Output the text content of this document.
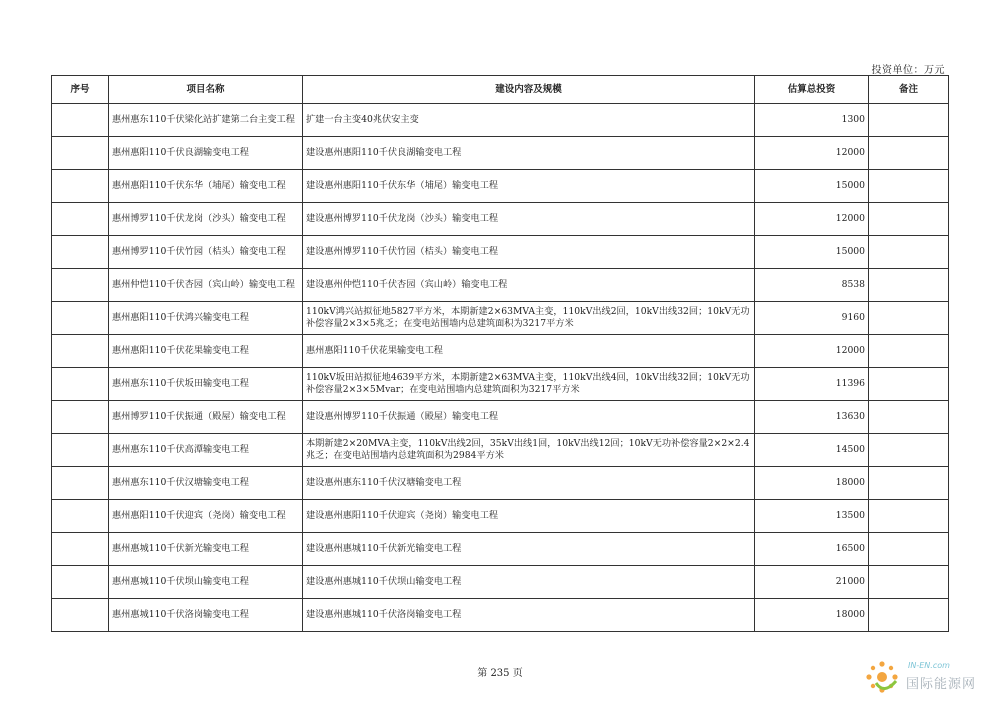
投资单位：万元
序号	项目名称	建设内容及规模	估算总投资	备注
	惠州惠东110千伏梁化站扩建第二台主变工程	扩建一台主变40兆伏安主变	1300	
	惠州惠阳110千伏良湖输变电工程	建设惠州惠阳110千伏良湖输变电工程	12000	
	惠州惠阳110千伏东华（埔尾）输变电工程	建设惠州惠阳110千伏东华（埔尾）输变电工程	15000	
	惠州博罗110千伏龙岗（沙头）输变电工程	建设惠州博罗110千伏龙岗（沙头）输变电工程	12000	
	惠州博罗110千伏竹园（桔头）输变电工程	建设惠州博罗110千伏竹园（桔头）输变电工程	15000	
	惠州仲恺110千伏杏园（宾山岭）输变电工程	建设惠州仲恺110千伏杏园（宾山岭）输变电工程	8538	
	惠州惠阳110千伏鸿兴输变电工程	110kV鸿兴站拟征地5827平方米，本期新建2×63MVA主变，110kV出线2回，10kV出线32回；10kV无功补偿容量2×3×5兆乏；在变电站围墙内总建筑面积为3217平方米	9160	
	惠州惠阳110千伏花果输变电工程	惠州惠阳110千伏花果输变电工程	12000	
	惠州惠东110千伏坂田输变电工程	110kV坂田站拟征地4639平方米，本期新建2×63MVA主变，110kV出线4回，10kV出线32回；10kV无功补偿容量2×3×5Mvar；在变电站围墙内总建筑面积为3217平方米	11396	
	惠州博罗110千伏振通（殿屋）输变电工程	建设惠州博罗110千伏振通（殿屋）输变电工程	13630	
	惠州惠东110千伏高潭输变电工程	本期新建2×20MVA主变，110kV出线2回，35kV出线1回，10kV出线12回；10kV无功补偿容量2×2×2.4兆乏；在变电站围墙内总建筑面积为2984平方米	14500	
	惠州惠东110千伏汉塘输变电工程	建设惠州惠东110千伏汉塘输变电工程	18000	
	惠州惠阳110千伏迎宾（尧岗）输变电工程	建设惠州惠阳110千伏迎宾（尧岗）输变电工程	13500	
	惠州惠城110千伏新光输变电工程	建设惠州惠城110千伏新光输变电工程	16500	
	惠州惠城110千伏坝山输变电工程	建设惠州惠城110千伏坝山输变电工程	21000	
	惠州惠城110千伏洛岗输变电工程	建设惠州惠城110千伏洛岗输变电工程	18000	
第 235 页
IN-EN.com
国际能源网
